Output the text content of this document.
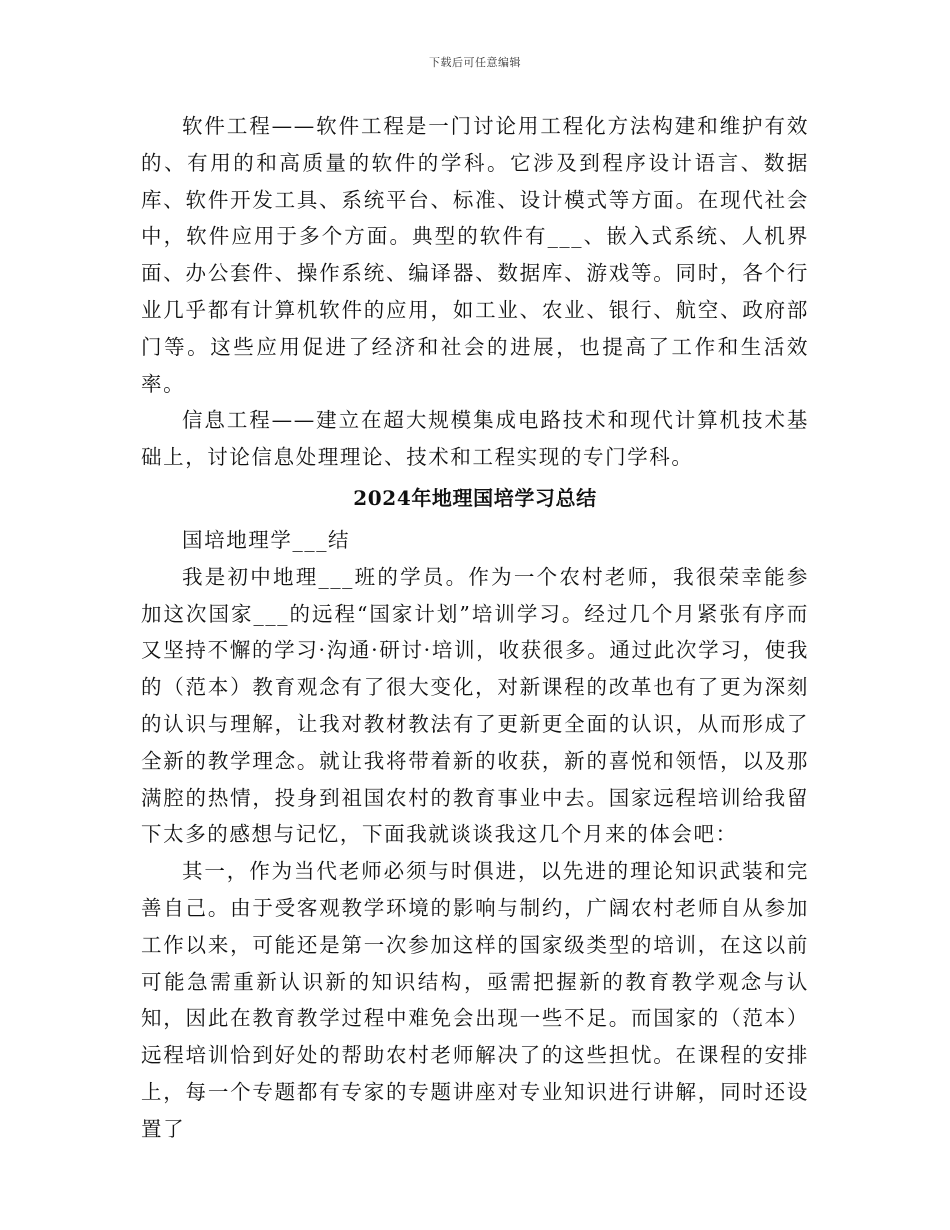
下载后可任意编辑

软件工程——软件工程是一门讨论用工程化方法构建和维护有效的、有用的和高质量的软件的学科。它涉及到程序设计语言、数据库、软件开发工具、系统平台、标准、设计模式等方面。在现代社会中，软件应用于多个方面。典型的软件有___、嵌入式系统、人机界面、办公套件、操作系统、编译器、数据库、游戏等。同时，各个行业几乎都有计算机软件的应用，如工业、农业、银行、航空、政府部门等。这些应用促进了经济和社会的进展，也提高了工作和生活效率。

信息工程——建立在超大规模集成电路技术和现代计算机技术基础上，讨论信息处理理论、技术和工程实现的专门学科。

2024年地理国培学习总结

国培地理学___结

我是初中地理___班的学员。作为一个农村老师，我很荣幸能参加这次国家___的远程“国家计划”培训学习。经过几个月紧张有序而又坚持不懈的学习·沟通·研讨·培训，收获很多。通过此次学习，使我的（范本）教育观念有了很大变化，对新课程的改革也有了更为深刻的认识与理解，让我对教材教法有了更新更全面的认识，从而形成了全新的教学理念。就让我将带着新的收获，新的喜悦和领悟，以及那满腔的热情，投身到祖国农村的教育事业中去。国家远程培训给我留下太多的感想与记忆，下面我就谈谈我这几个月来的体会吧：

其一，作为当代老师必须与时俱进，以先进的理论知识武装和完善自己。由于受客观教学环境的影响与制约，广阔农村老师自从参加工作以来，可能还是第一次参加这样的国家级类型的培训，在这以前可能急需重新认识新的知识结构，亟需把握新的教育教学观念与认知，因此在教育教学过程中难免会出现一些不足。而国家的（范本）远程培训恰到好处的帮助农村老师解决了的这些担忧。在课程的安排上，每一个专题都有专家的专题讲座对专业知识进行讲解，同时还设置了
